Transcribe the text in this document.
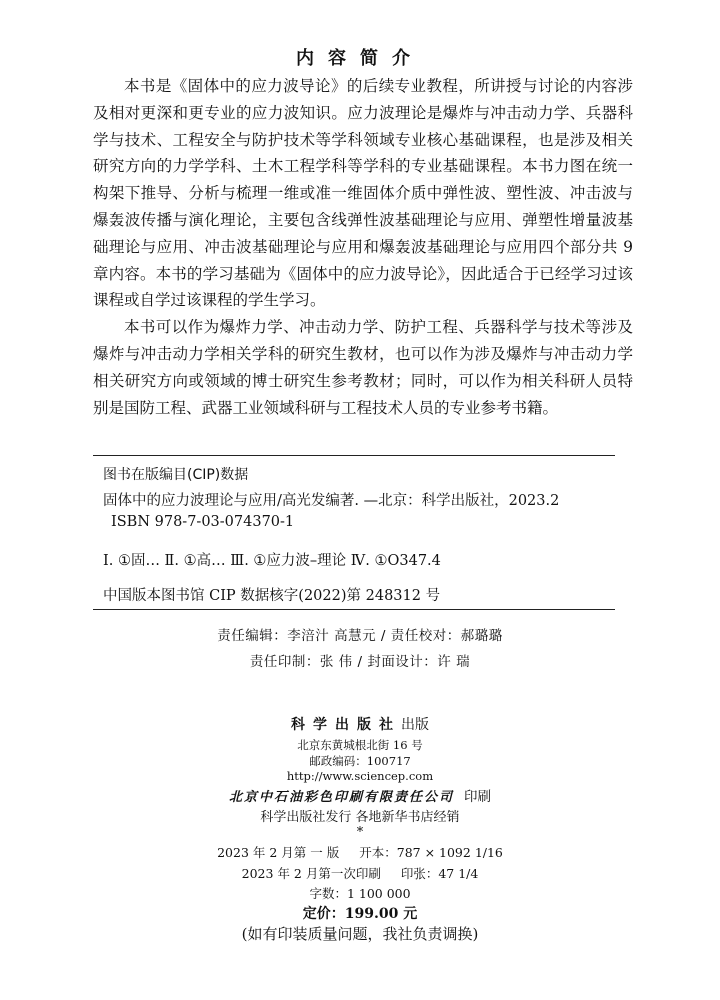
内容简介

本书是《固体中的应力波导论》的后续专业教程，所讲授与讨论的内容涉及相对更深和更专业的应力波知识。应力波理论是爆炸与冲击动力学、兵器科学与技术、工程安全与防护技术等学科领域专业核心基础课程，也是涉及相关研究方向的力学学科、土木工程学科等学科的专业基础课程。本书力图在统一构架下推导、分析与梳理一维或准一维固体介质中弹性波、塑性波、冲击波与爆轰波传播与演化理论，主要包含线弹性波基础理论与应用、弹塑性增量波基础理论与应用、冲击波基础理论与应用和爆轰波基础理论与应用四个部分共 9 章内容。本书的学习基础为《固体中的应力波导论》，因此适合于已经学习过该课程或自学过该课程的学生学习。

本书可以作为爆炸力学、冲击动力学、防护工程、兵器科学与技术等涉及爆炸与冲击动力学相关学科的研究生教材，也可以作为涉及爆炸与冲击动力学相关研究方向或领域的博士研究生参考教材；同时，可以作为相关科研人员特别是国防工程、武器工业领域科研与工程技术人员的专业参考书籍。

图书在版编目(CIP)数据
固体中的应力波理论与应用/高光发编著. —北京：科学出版社，2023.2
ISBN 978-7-03-074370-1
Ⅰ. ①固… Ⅱ. ①高… Ⅲ. ①应力波–理论 Ⅳ. ①O347.4
中国版本图书馆 CIP 数据核字(2022)第 248312 号
责任编辑：李涪汁 高慧元 / 责任校对：郝璐璐
责任印制：张 伟 / 封面设计：许 瑞
科学出版社出版
北京东黄城根北街 16 号
邮政编码：100717
http://www.sciencep.com
北京中石油彩色印刷有限责任公司 印刷
科学出版社发行 各地新华书店经销
*
2023 年 2 月第 一 版 开本：787 × 1092 1/16
2023 年 2 月第一次印刷 印张：47 1/4
字数：1 100 000
定价：199.00 元
(如有印装质量问题，我社负责调换)
